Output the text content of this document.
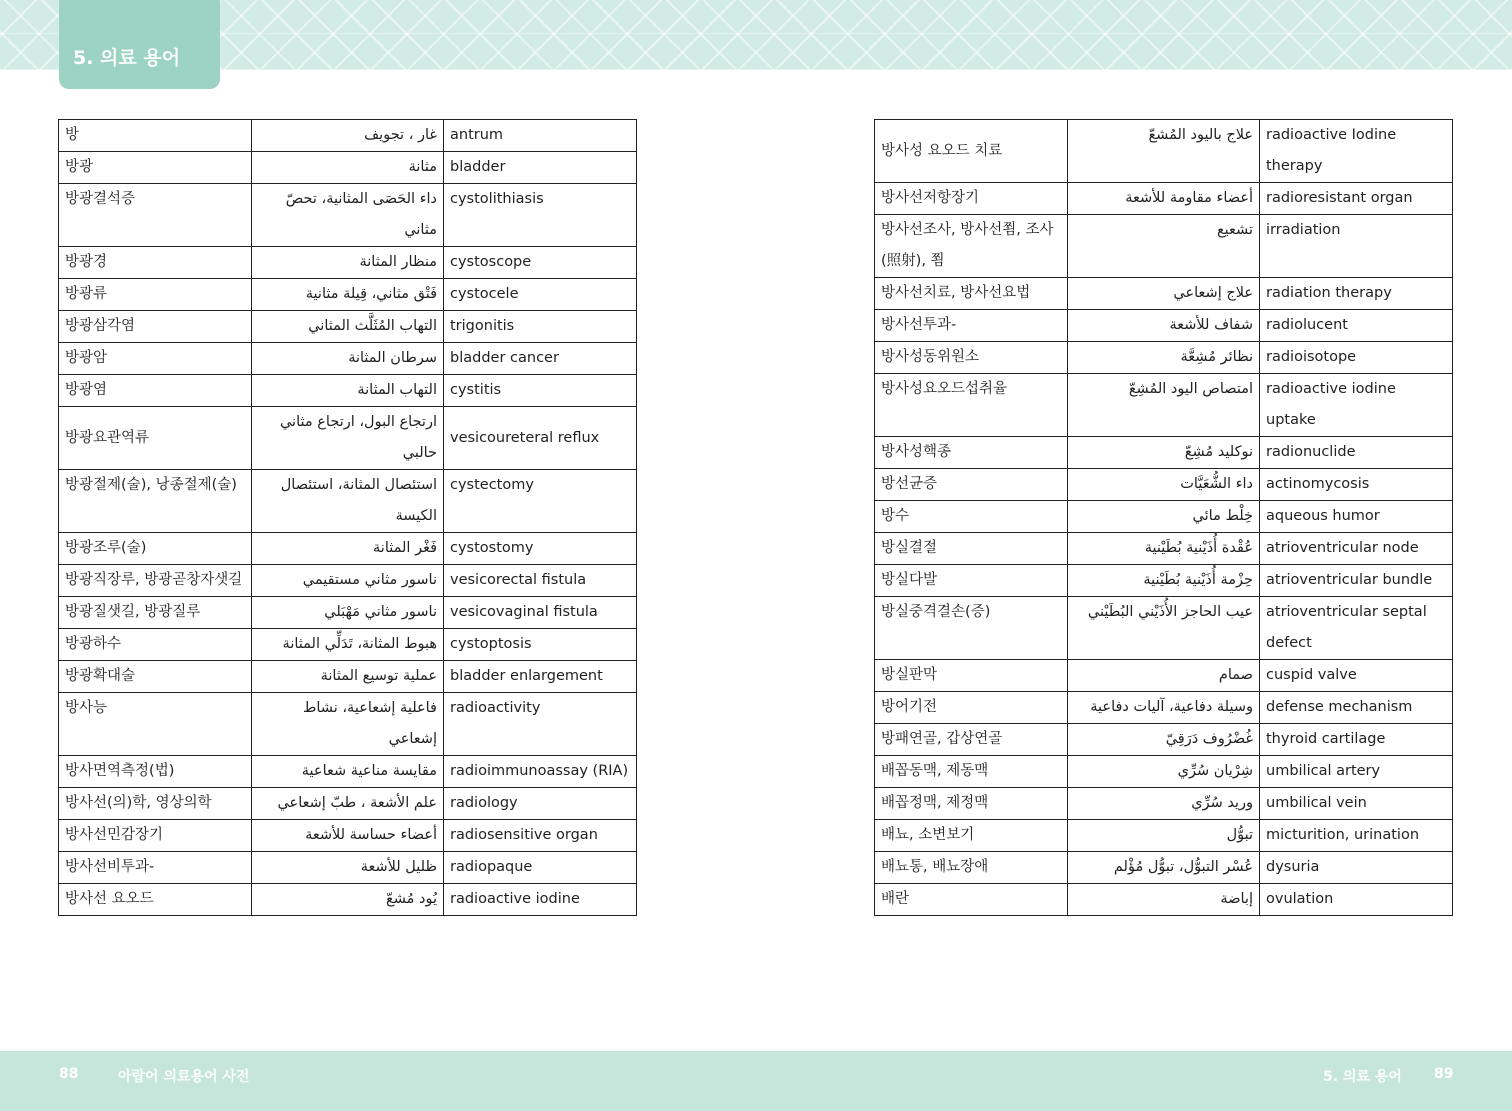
5. 의료 용어
방	غار ، تجويف	antrum
방광	مثانة	bladder
방광결석증	داء الحَصَى المثانية، تحصّ مثاني	cystolithiasis
방광경	منظار المثانة	cystoscope
방광류	فَتْق مثاني، قِيلة مثانية	cystocele
방광삼각염	التهاب المُثَلَّث المثاني	trigonitis
방광암	سرطان المثانة	bladder cancer
방광염	التهاب المثانة	cystitis
방광요관역류	ارتجاع البول، ارتجاع مثاني حالبي	vesicoureteral reflux
방광절제(술), 낭종절제(술)	استئصال المثانة، استئصال الكيسة	cystectomy
방광조루(술)	فَغْر المثانة	cystostomy
방광직장루, 방광곧창자샛길	ناسور مثاني مستقيمي	vesicorectal fistula
방광질샛길, 방광질루	ناسور مثاني مَهْبَلي	vesicovaginal fistula
방광하수	هبوط المثانة، تَدَلِّي المثانة	cystoptosis
방광확대술	عملية توسيع المثانة	bladder enlargement
방사능	فاعلية إشعاعية، نشاط إشعاعي	radioactivity
방사면역측정(법)	مقايسة مناعية شعاعية	radioimmunoassay (RIA)
방사선(의)학, 영상의학	علم الأشعة ، طبّ إشعاعي	radiology
방사선민감장기	أعضاء حساسة للأشعة	radiosensitive organ
방사선비투과-	ظليل للأشعة	radiopaque
방사선 요오드	يُود مُشعّ	radioactive iodine
방사성 요오드 치료	علاج باليود المُشعّ	radioactive Iodine therapy
방사선저항장기	أعضاء مقاومة للأشعة	radioresistant organ
방사선조사, 방사선쬠, 조사(照射), 쬠	تشعيع	irradiation
방사선치료, 방사선요법	علاج إشعاعي	radiation therapy
방사선투과-	شفاف للأشعة	radiolucent
방사성동위원소	نظائر مُشِعَّة	radioisotope
방사성요오드섭취율	امتصاص اليود المُشِعّ	radioactive iodine uptake
방사성핵종	نوكليد مُشِعّ	radionuclide
방선균증	داء الشُّعَيَّات	actinomycosis
방수	خِلْط مائي	aqueous humor
방실결절	عُقْدة أُذَيْنية بُطَيْنية	atrioventricular node
방실다발	حِزْمة أُذَيْنية بُطَيْنية	atrioventricular bundle
방실중격결손(증)	عيب الحاجز الأُذَيْني البُطَيْني	atrioventricular septal defect
방실판막	صمام	cuspid valve
방어기전	وسيلة دفاعية، آليات دفاعية	defense mechanism
방패연골, 갑상연골	غُضْرُوف دَرَقِيّ	thyroid cartilage
배꼽동맥, 제동맥	شِرْيان سُرِّي	umbilical artery
배꼽정맥, 제정맥	وريد سُرِّي	umbilical vein
배뇨, 소변보기	تبوُّل	micturition, urination
배뇨통, 배뇨장애	عُسْر التبوُّل، تبوُّل مُؤْلم	dysuria
배란	إباضة	ovulation
88	아랍어 의료용어 사전	5. 의료 용어 89
